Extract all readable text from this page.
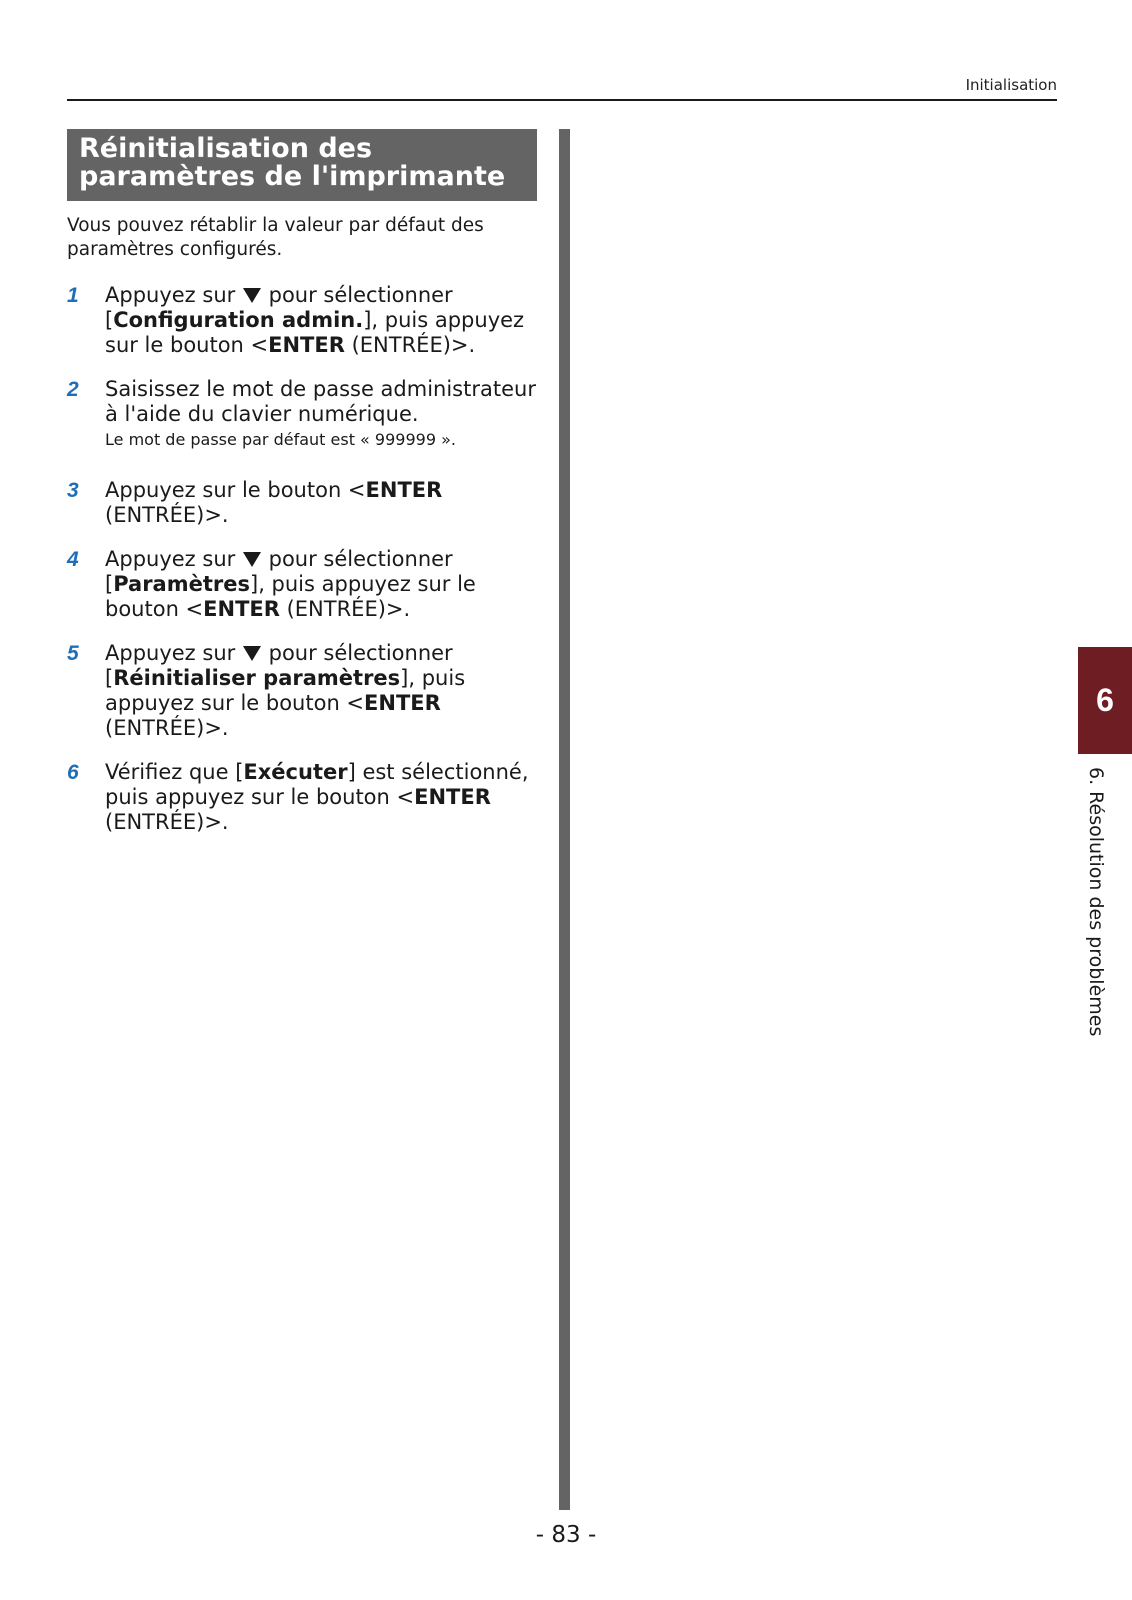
Initialisation
Réinitialisation des
paramètres de l'imprimante
Vous pouvez rétablir la valeur par défaut des
paramètres configurés.
1	Appuyez sur  pour sélectionner
[Configuration admin.], puis appuyez
sur le bouton <ENTER (ENTRÉE)>.
2	Saisissez le mot de passe administrateur
à l'aide du clavier numérique.
Le mot de passe par défaut est « 999999 ».
3	Appuyez sur le bouton <ENTER
(ENTRÉE)>.
4	Appuyez sur  pour sélectionner
[Paramètres], puis appuyez sur le
bouton <ENTER (ENTRÉE)>.
5	Appuyez sur  pour sélectionner
[Réinitialiser paramètres], puis
appuyez sur le bouton <ENTER
(ENTRÉE)>.
6	Vérifiez que [Exécuter] est sélectionné,
puis appuyez sur le bouton <ENTER
(ENTRÉE)>.
- 83 -
6
6. Résolution des problèmes
